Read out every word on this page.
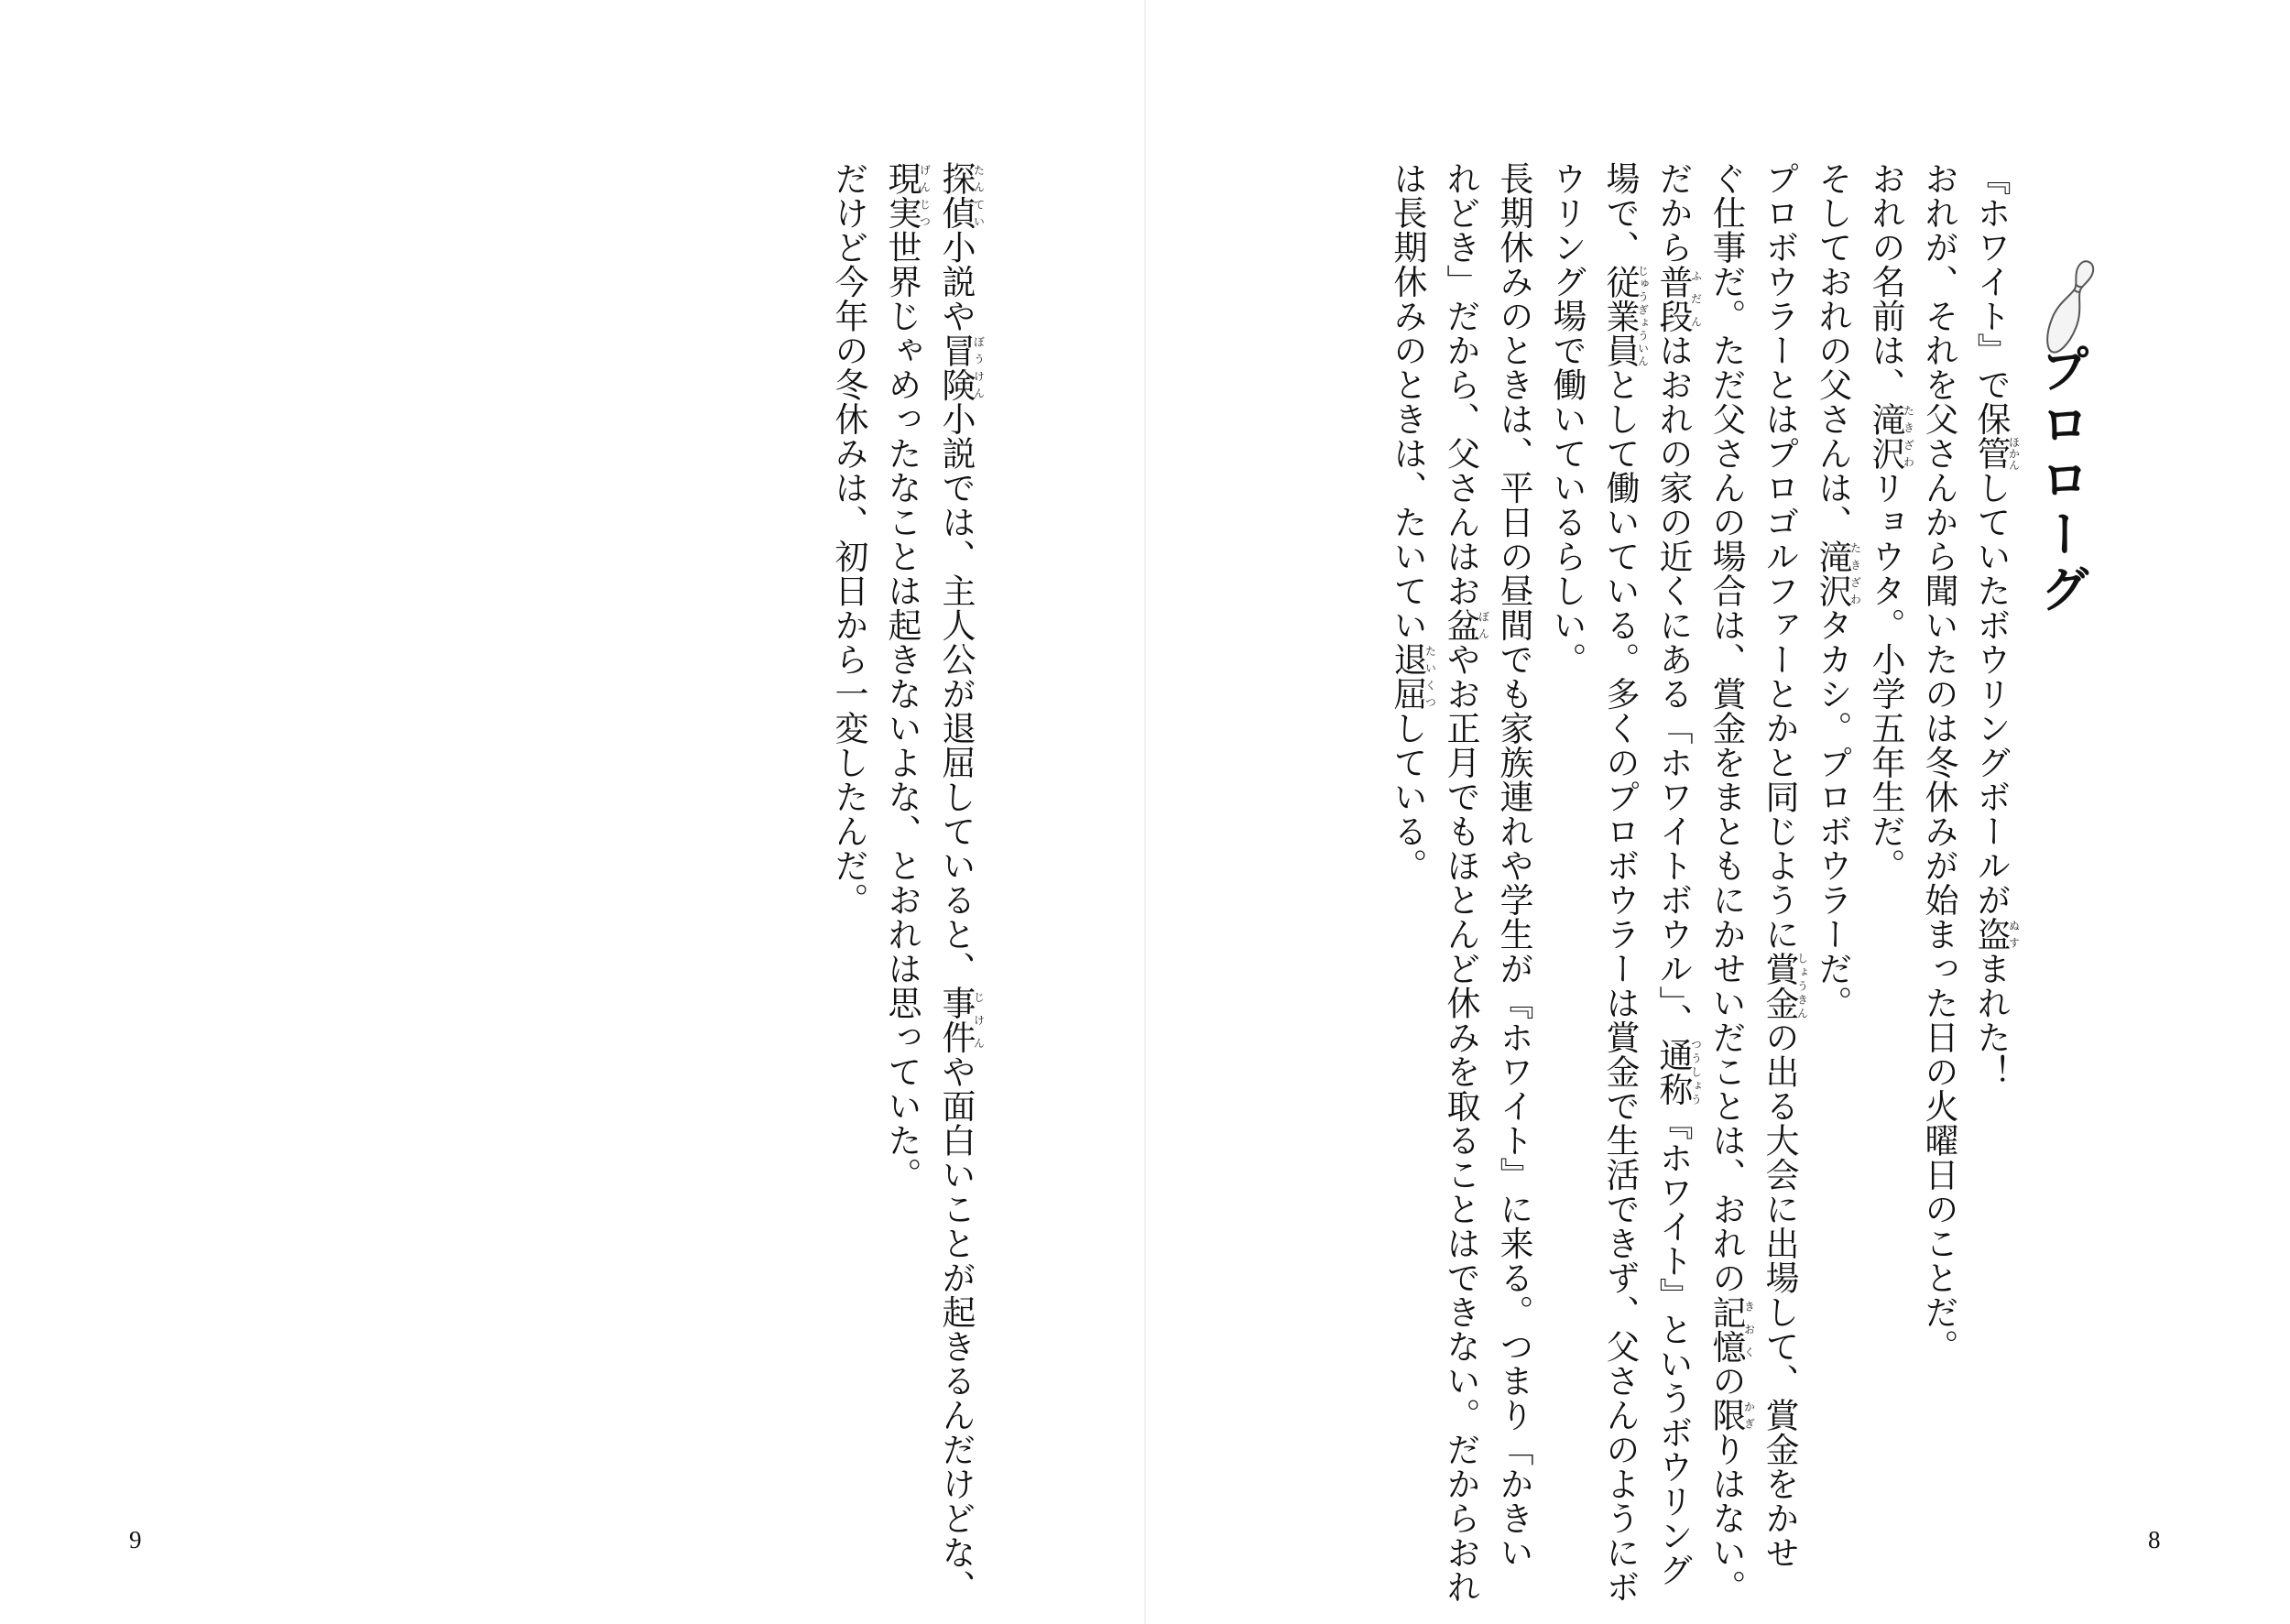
プロローグ
『ホワイト』で保管ほかんしていたボウリングボールが盗ぬすまれた！
おれが、それを父さんから聞いたのは冬休みが始まった日の火曜日のことだ。
おれの名前は、滝沢たきざわリョウタ。小学五年生だ。
そしておれの父さんは、滝沢たきざわタカシ。プロボウラーだ。
プロボウラーとはプロゴルファーとかと同じように賞金しょうきんの出る大会に出場して、賞金をかせ
ぐ仕事だ。ただ父さんの場合は、賞金をまともにかせいだことは、おれの記憶きおくの限かぎりはない。
だから普段ふだんはおれの家の近くにある「ホワイトボウル」、通称つうしょう『ホワイト』というボウリング
場で、従業員じゅうぎょういんとして働いている。多くのプロボウラーは賞金で生活できず、父さんのようにボ
ウリング場で働いているらしい。
長期休みのときは、平日の昼間でも家族連れや学生が『ホワイト』に来る。つまり「かきい
れどき」だから、父さんはお盆ぼんやお正月でもほとんど休みを取ることはできない。だからおれ
は長期休みのときは、たいてい退屈たいくつしている。
探偵たんてい小説や冒険ぼうけん小説では、主人公が退屈していると、事件じけんや面白いことが起きるんだけどな、
現実げんじつ世界じゃめったなことは起きないよな、とおれは思っていた。
だけど今年の冬休みは、初日から一変したんだ。
9	8
